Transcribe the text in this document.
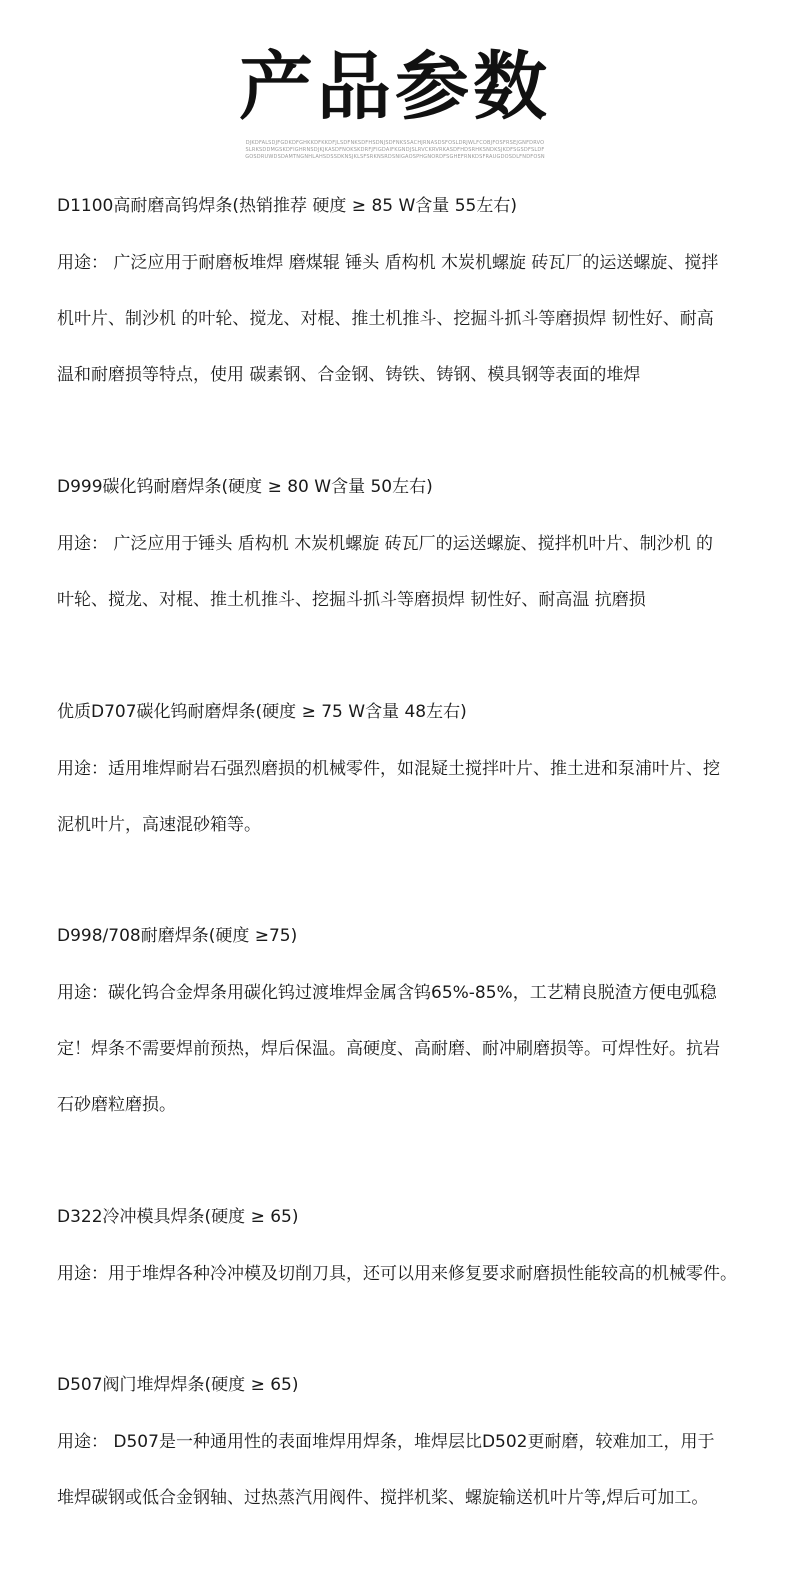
产品参数
DJKDFALSDJFGDKDFGHKKDFKKDFJLSDFNKSDFHSDNJSDFNKSSACHJRNASDSFOSLDRJWLFCOBJFOSFRSEJGNFDRVOSLRKSDDMGSKDFIGHRNSDJKJKASDFNOKSKDRFJFIGDAIFKGNDJSLRVCKRVRKASDFHDSRHKSNDKSJKDFSGSDFSLDFGOSDRUWDSDAMTNGNHLAHSDSSDKNSJKLSFSRKNSRDSNIGAOSPHGNORDFSGHEFRNKDSFRAUGDOSDLFNDFOSN
D1100高耐磨高钨焊条(热销推荐 硬度 ≥ 85 W含量 55左右)
用途： 广泛应用于耐磨板堆焊 磨煤辊 锤头 盾构机 木炭机螺旋 砖瓦厂的运送螺旋、搅拌
机叶片、制沙机 的叶轮、搅龙、对棍、推土机推斗、挖掘斗抓斗等磨损焊 韧性好、耐高
温和耐磨损等特点，使用 碳素钢、合金钢、铸铁、铸钢、模具钢等表面的堆焊
D999碳化钨耐磨焊条(硬度 ≥ 80 W含量 50左右)
用途： 广泛应用于锤头 盾构机 木炭机螺旋 砖瓦厂的运送螺旋、搅拌机叶片、制沙机 的
叶轮、搅龙、对棍、推土机推斗、挖掘斗抓斗等磨损焊 韧性好、耐高温 抗磨损
优质D707碳化钨耐磨焊条(硬度 ≥ 75 W含量 48左右)
用途：适用堆焊耐岩石强烈磨损的机械零件，如混疑土搅拌叶片、推土进和泵浦叶片、挖
泥机叶片，高速混砂箱等。
D998/708耐磨焊条(硬度 ≥75)
用途：碳化钨合金焊条用碳化钨过渡堆焊金属含钨65%-85%，工艺精良脱渣方便电弧稳
定！焊条不需要焊前预热，焊后保温。高硬度、高耐磨、耐冲刷磨损等。可焊性好。抗岩
石砂磨粒磨损。
D322冷冲模具焊条(硬度 ≥ 65)
用途：用于堆焊各种冷冲模及切削刀具，还可以用来修复要求耐磨损性能较高的机械零件。
D507阀门堆焊焊条(硬度 ≥ 65)
用途： D507是一种通用性的表面堆焊用焊条，堆焊层比D502更耐磨，较难加工，用于
堆焊碳钢或低合金钢轴、过热蒸汽用阀件、搅拌机桨、螺旋输送机叶片等,焊后可加工。
